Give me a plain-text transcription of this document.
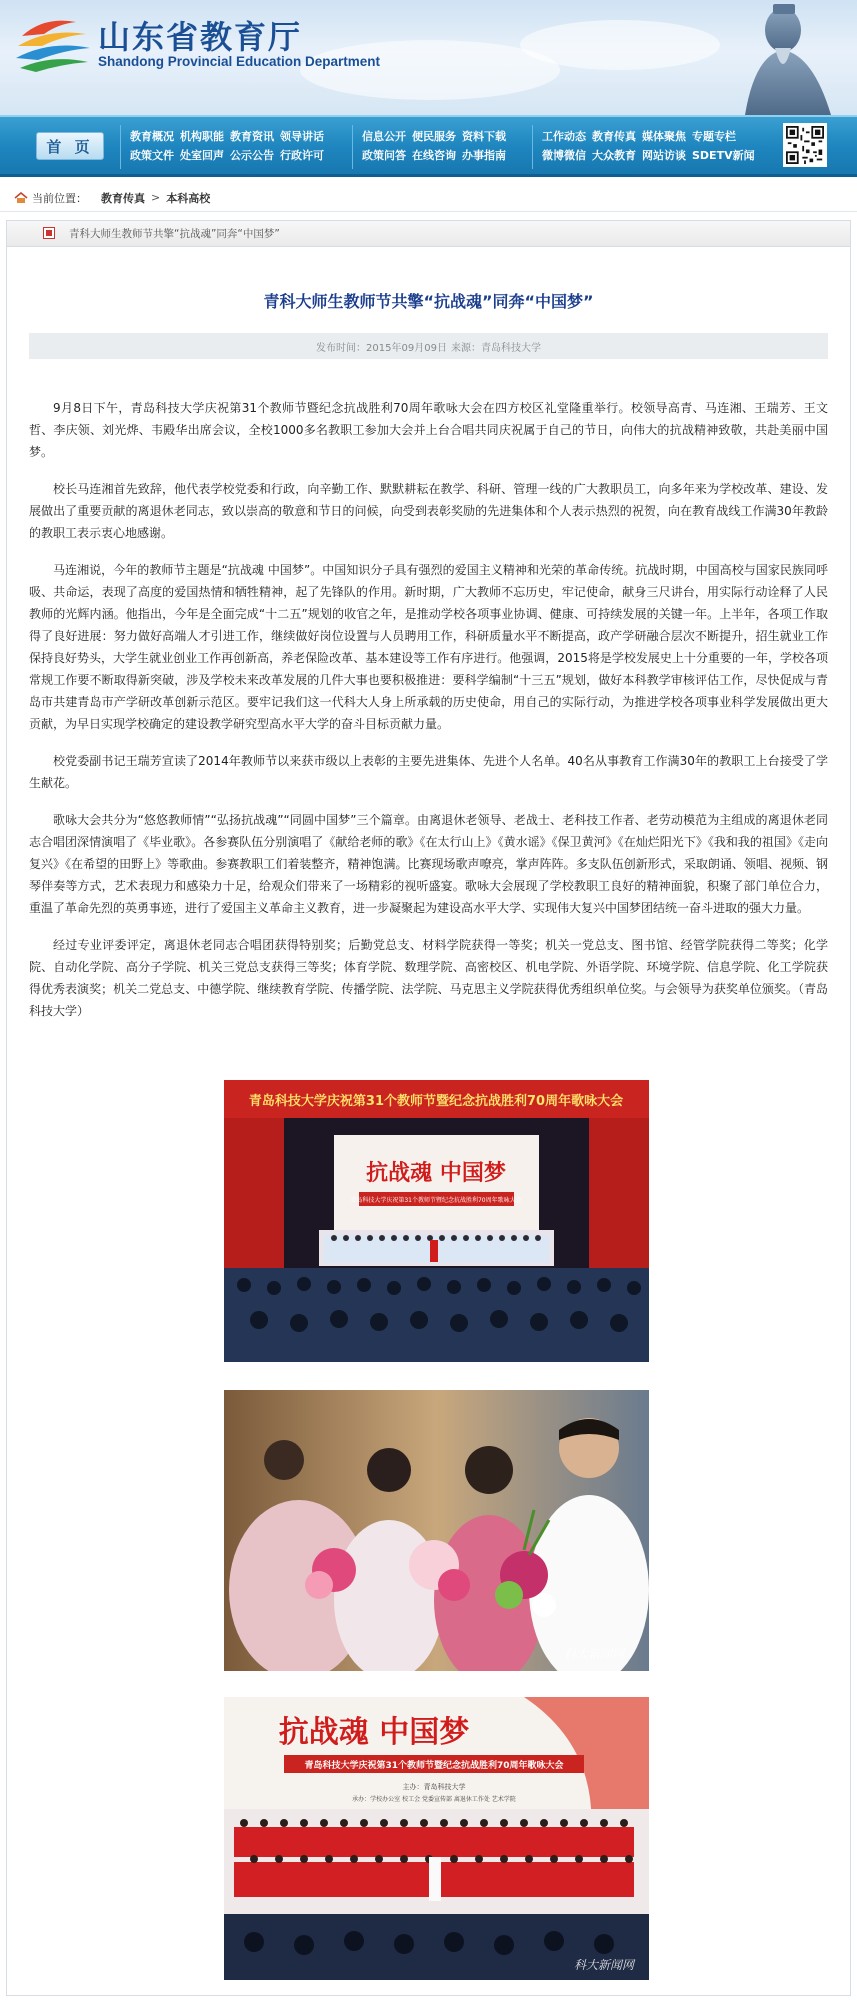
山东省教育厅
Shandong Provincial Education Department
首 页
教育概况 机构职能 教育资讯 领导讲话
政策文件 处室回声 公示公告 行政许可
信息公开 便民服务 资料下载
政策问答 在线咨询 办事指南
工作动态 教育传真 媒体聚焦 专题专栏
微博微信 大众教育 网站访谈 SDETV新闻
当前位置： 教育传真 > 本科高校
青科大师生教师节共擎“抗战魂”同奔“中国梦”
青科大师生教师节共擎“抗战魂”同奔“中国梦”
发布时间：2015年09月09日 来源：青岛科技大学

9月8日下午，青岛科技大学庆祝第31个教师节暨纪念抗战胜利70周年歌咏大会在四方校区礼堂隆重举行。校领导高青、马连湘、王瑞芳、王文哲、李庆领、刘光烨、韦殿华出席会议，全校1000多名教职工参加大会并上台合唱共同庆祝属于自己的节日，向伟大的抗战精神致敬，共赴美丽中国梦。

校长马连湘首先致辞，他代表学校党委和行政，向辛勤工作、默默耕耘在教学、科研、管理一线的广大教职员工，向多年来为学校改革、建设、发展做出了重要贡献的离退休老同志，致以崇高的敬意和节日的问候，向受到表彰奖励的先进集体和个人表示热烈的祝贺，向在教育战线工作满30年教龄的教职工表示衷心地感谢。

马连湘说，今年的教师节主题是“抗战魂 中国梦”。中国知识分子具有强烈的爱国主义精神和光荣的革命传统。抗战时期，中国高校与国家民族同呼吸、共命运，表现了高度的爱国热情和牺牲精神，起了先锋队的作用。新时期，广大教师不忘历史，牢记使命，献身三尺讲台，用实际行动诠释了人民教师的光辉内涵。他指出，今年是全面完成“十二五”规划的收官之年，是推动学校各项事业协调、健康、可持续发展的关键一年。上半年，各项工作取得了良好进展：努力做好高端人才引进工作，继续做好岗位设置与人员聘用工作，科研质量水平不断提高，政产学研融合层次不断提升，招生就业工作保持良好势头，大学生就业创业工作再创新高，养老保险改革、基本建设等工作有序进行。他强调，2015将是学校发展史上十分重要的一年，学校各项常规工作要不断取得新突破，涉及学校未来改革发展的几件大事也要积极推进：要科学编制“十三五”规划，做好本科教学审核评估工作，尽快促成与青岛市共建青岛市产学研改革创新示范区。要牢记我们这一代科大人身上所承载的历史使命，用自己的实际行动，为推进学校各项事业科学发展做出更大贡献，为早日实现学校确定的建设教学研究型高水平大学的奋斗目标贡献力量。

校党委副书记王瑞芳宣读了2014年教师节以来获市级以上表彰的主要先进集体、先进个人名单。40名从事教育工作满30年的教职工上台接受了学生献花。

歌咏大会共分为“悠悠教师情”“弘扬抗战魂”“同圆中国梦”三个篇章。由离退休老领导、老战士、老科技工作者、老劳动模范为主组成的离退休老同志合唱团深情演唱了《毕业歌》。各参赛队伍分别演唱了《献给老师的歌》《在太行山上》《黄水谣》《保卫黄河》《在灿烂阳光下》《我和我的祖国》《走向复兴》《在希望的田野上》等歌曲。参赛教职工们着装整齐，精神饱满。比赛现场歌声嘹亮，掌声阵阵。多支队伍创新形式，采取朗诵、领唱、视频、钢琴伴奏等方式，艺术表现力和感染力十足，给观众们带来了一场精彩的视听盛宴。歌咏大会展现了学校教职工良好的精神面貌，积聚了部门单位合力，重温了革命先烈的英勇事迹，进行了爱国主义革命主义教育，进一步凝聚起为建设高水平大学、实现伟大复兴中国梦团结统一奋斗进取的强大力量。

经过专业评委评定，离退休老同志合唱团获得特别奖；后勤党总支、材料学院获得一等奖；机关一党总支、图书馆、经管学院获得二等奖；化学院、自动化学院、高分子学院、机关三党总支获得三等奖；体育学院、数理学院、高密校区、机电学院、外语学院、环境学院、信息学院、化工学院获得优秀表演奖；机关二党总支、中德学院、继续教育学院、传播学院、法学院、马克思主义学院获得优秀组织单位奖。与会领导为获奖单位颁奖。（青岛科技大学）

青岛科技大学庆祝第31个教师节暨纪念抗战胜利70周年歌咏大会
抗战魂 中国梦
青岛科技大学庆祝第31个教师节暨纪念抗战胜利70周年歌咏大会
科大新闻网
抗战魂 中国梦
青岛科技大学庆祝第31个教师节暨纪念抗战胜利70周年歌咏大会
主办：青岛科技大学
承办：学校办公室 校工会 党委宣传部 离退休工作处 艺术学院
科大新闻网
